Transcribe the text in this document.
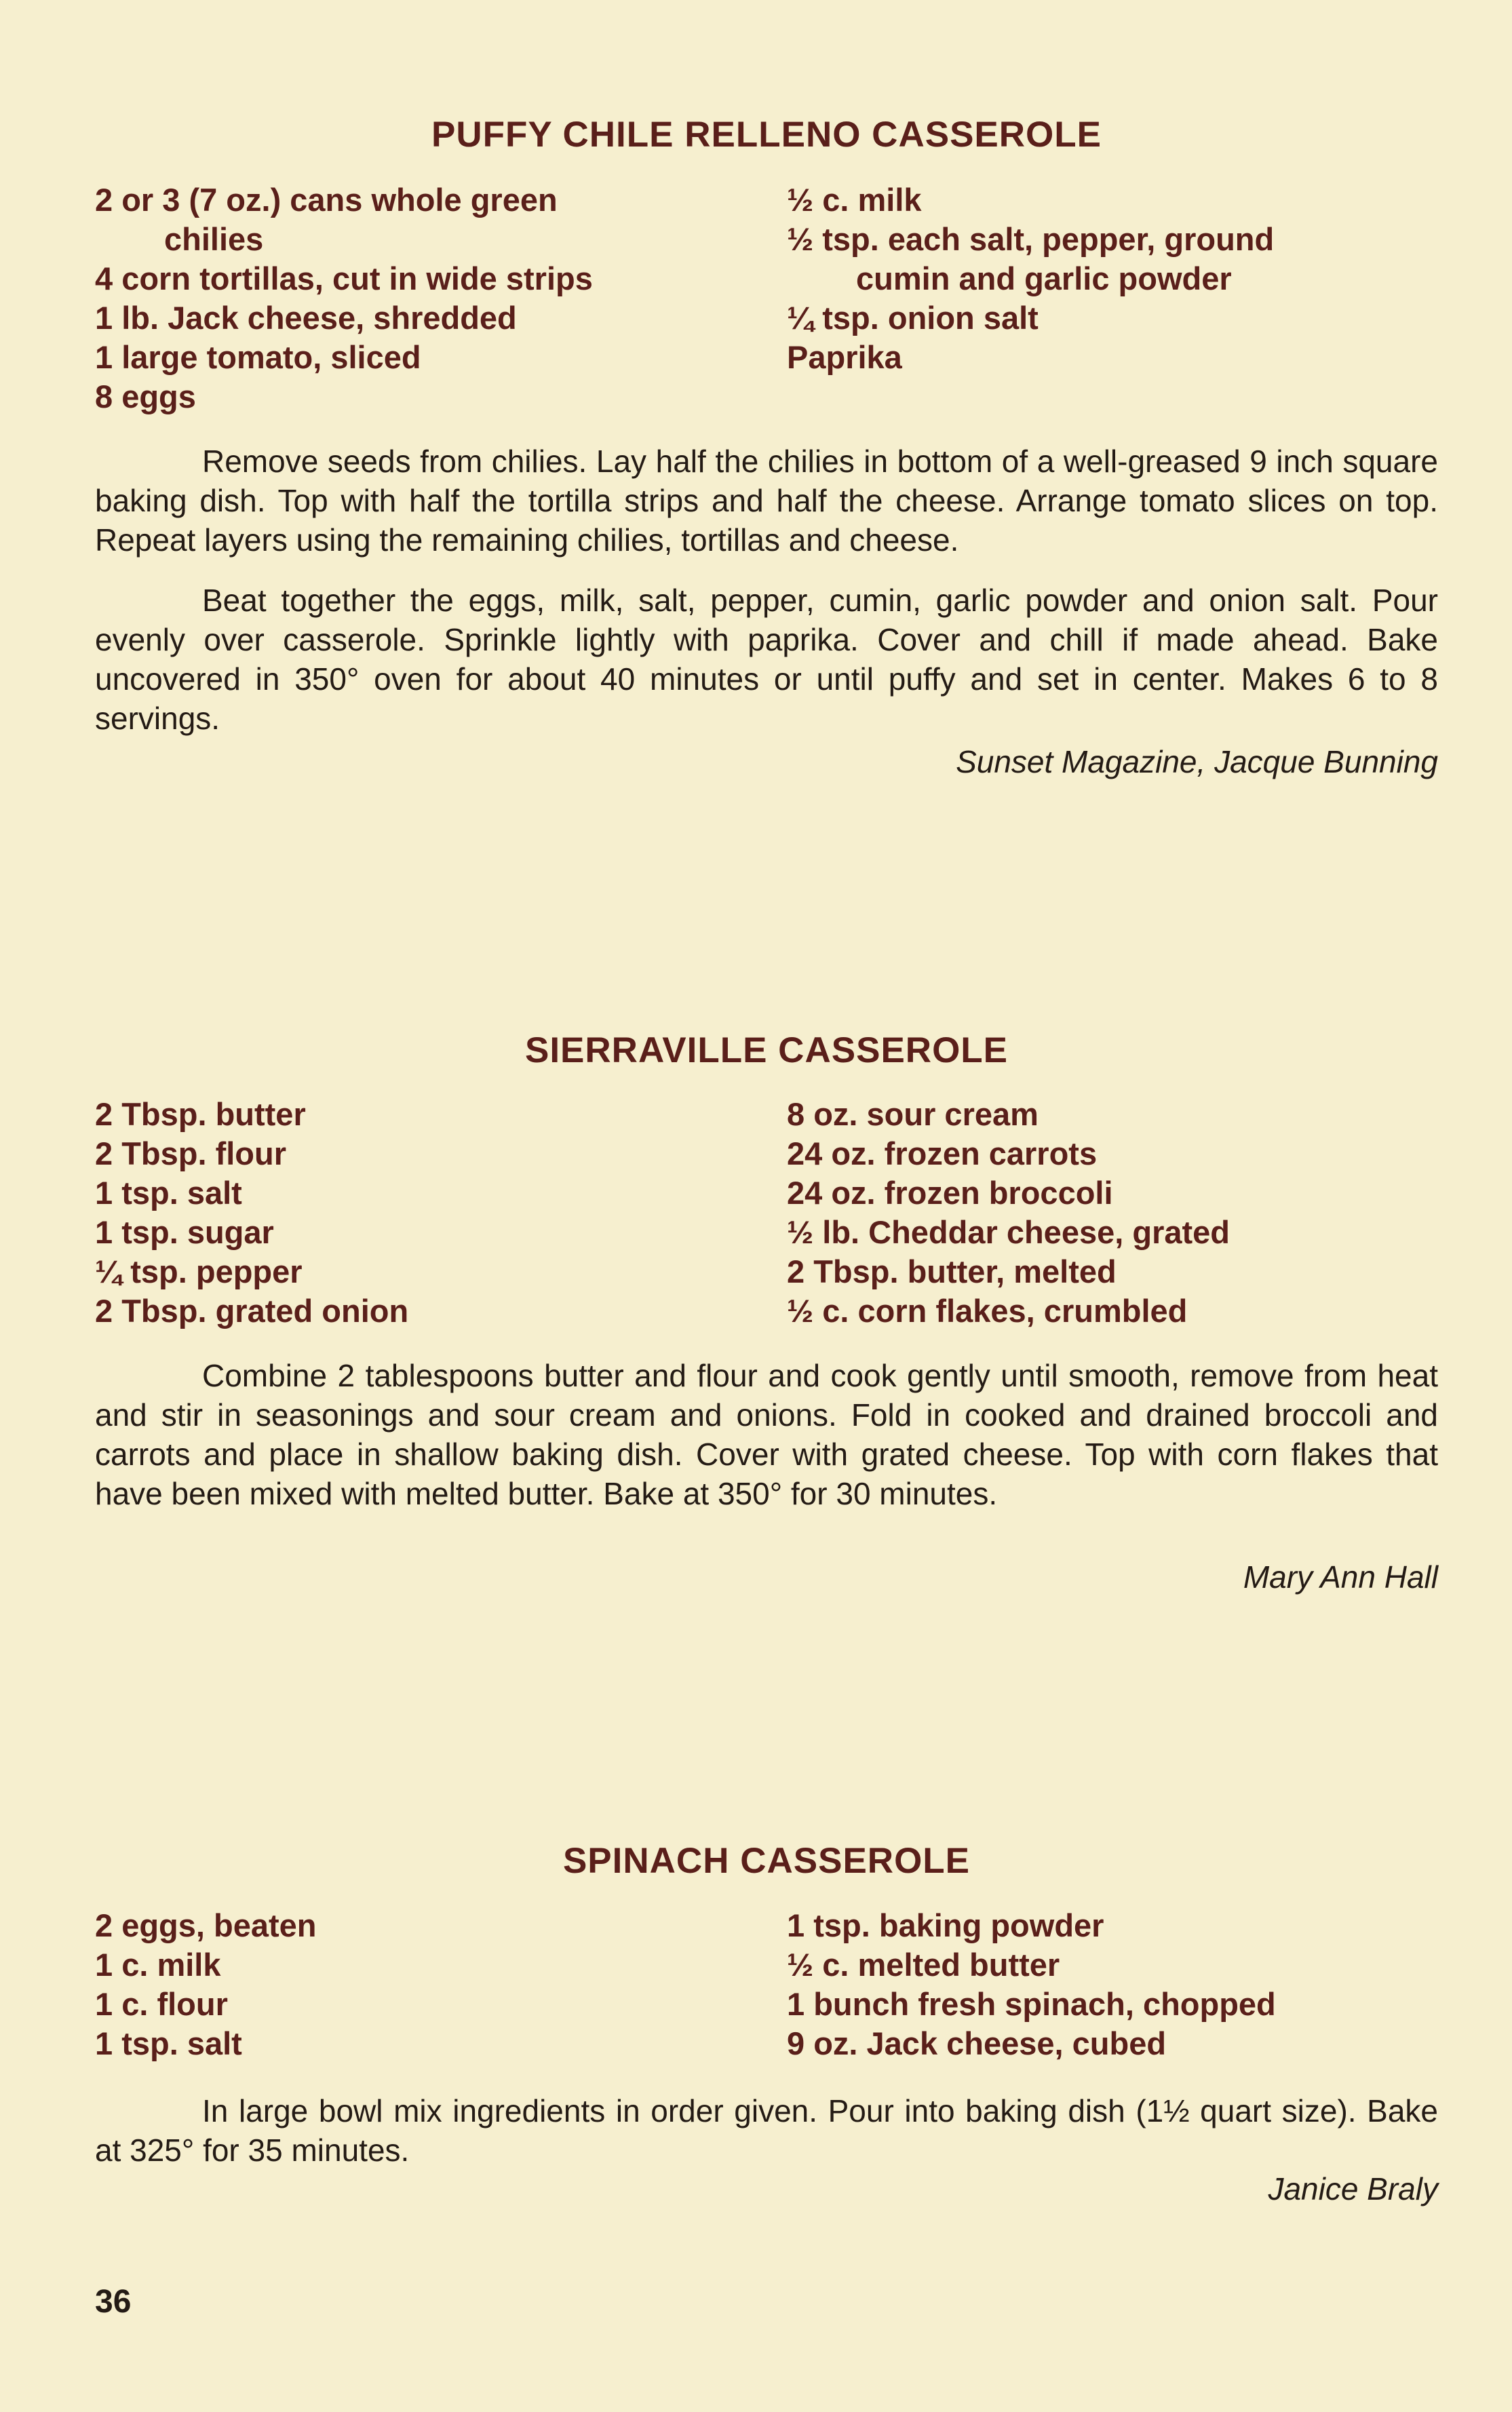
PUFFY CHILE RELLENO CASSEROLE
2 or 3 (7 oz.) cans whole green
chilies
4 corn tortillas, cut in wide strips
1 lb. Jack cheese, shredded
1 large tomato, sliced
8 eggs
½ c. milk
½ tsp. each salt, pepper, ground
cumin and garlic powder
¼ tsp. onion salt
Paprika
Remove seeds from chilies. Lay half the chilies in bottom of a well-greased 9 inch square baking dish. Top with half the tortilla strips and half the cheese. Arrange tomato slices on top. Repeat layers using the remaining chilies, tortillas and cheese.
Beat together the eggs, milk, salt, pepper, cumin, garlic powder and onion salt. Pour evenly over casserole. Sprinkle lightly with paprika. Cover and chill if made ahead. Bake uncovered in 350° oven for about 40 minutes or until puffy and set in center. Makes 6 to 8 servings.
Sunset Magazine, Jacque Bunning
SIERRAVILLE CASSEROLE
2 Tbsp. butter
2 Tbsp. flour
1 tsp. salt
1 tsp. sugar
¼ tsp. pepper
2 Tbsp. grated onion
8 oz. sour cream
24 oz. frozen carrots
24 oz. frozen broccoli
½ lb. Cheddar cheese, grated
2 Tbsp. butter, melted
½ c. corn flakes, crumbled
Combine 2 tablespoons butter and flour and cook gently until smooth, remove from heat and stir in seasonings and sour cream and onions. Fold in cooked and drained broccoli and carrots and place in shallow baking dish. Cover with grated cheese. Top with corn flakes that have been mixed with melted butter. Bake at 350° for 30 minutes.
Mary Ann Hall
SPINACH CASSEROLE
2 eggs, beaten
1 c. milk
1 c. flour
1 tsp. salt
1 tsp. baking powder
½ c. melted butter
1 bunch fresh spinach, chopped
9 oz. Jack cheese, cubed
In large bowl mix ingredients in order given. Pour into baking dish (1½ quart size). Bake at 325° for 35 minutes.
Janice Braly
36
